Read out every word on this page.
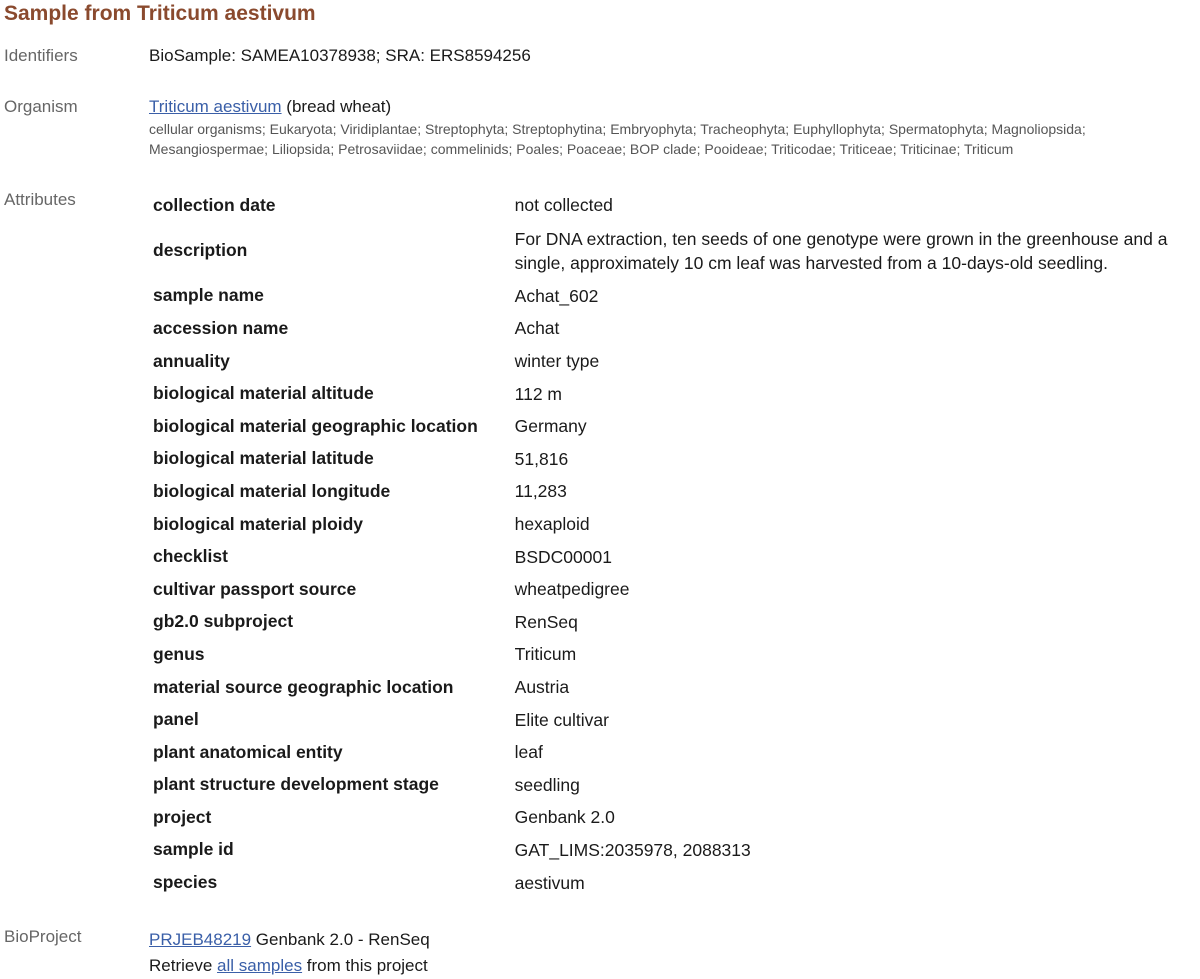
Sample from Triticum aestivum
Identifiers	BioSample: SAMEA10378938; SRA: ERS8594256
Organism	Triticum aestivum (bread wheat)
cellular organisms; Eukaryota; Viridiplantae; Streptophyta; Streptophytina; Embryophyta; Tracheophyta; Euphyllophyta; Spermatophyta; Magnoliopsida; Mesangiospermae; Liliopsida; Petrosaviidae; commelinids; Poales; Poaceae; BOP clade; Pooideae; Triticodae; Triticeae; Triticinae; Triticum
Attributes	collection date	not collected
description	For DNA extraction, ten seeds of one genotype were grown in the greenhouse and a single, approximately 10 cm leaf was harvested from a 10-days-old seedling.
sample name	Achat_602
accession name	Achat
annuality	winter type
biological material altitude	112 m
biological material geographic location	Germany
biological material latitude	51,816
biological material longitude	11,283
biological material ploidy	hexaploid
checklist	BSDC00001
cultivar passport source	wheatpedigree
gb2.0 subproject	RenSeq
genus	Triticum
material source geographic location	Austria
panel	Elite cultivar
plant anatomical entity	leaf
plant structure development stage	seedling
project	Genbank 2.0
sample id	GAT_LIMS:2035978, 2088313
species	aestivum
BioProject	PRJEB48219 Genbank 2.0 - RenSeq
Retrieve all samples from this project
